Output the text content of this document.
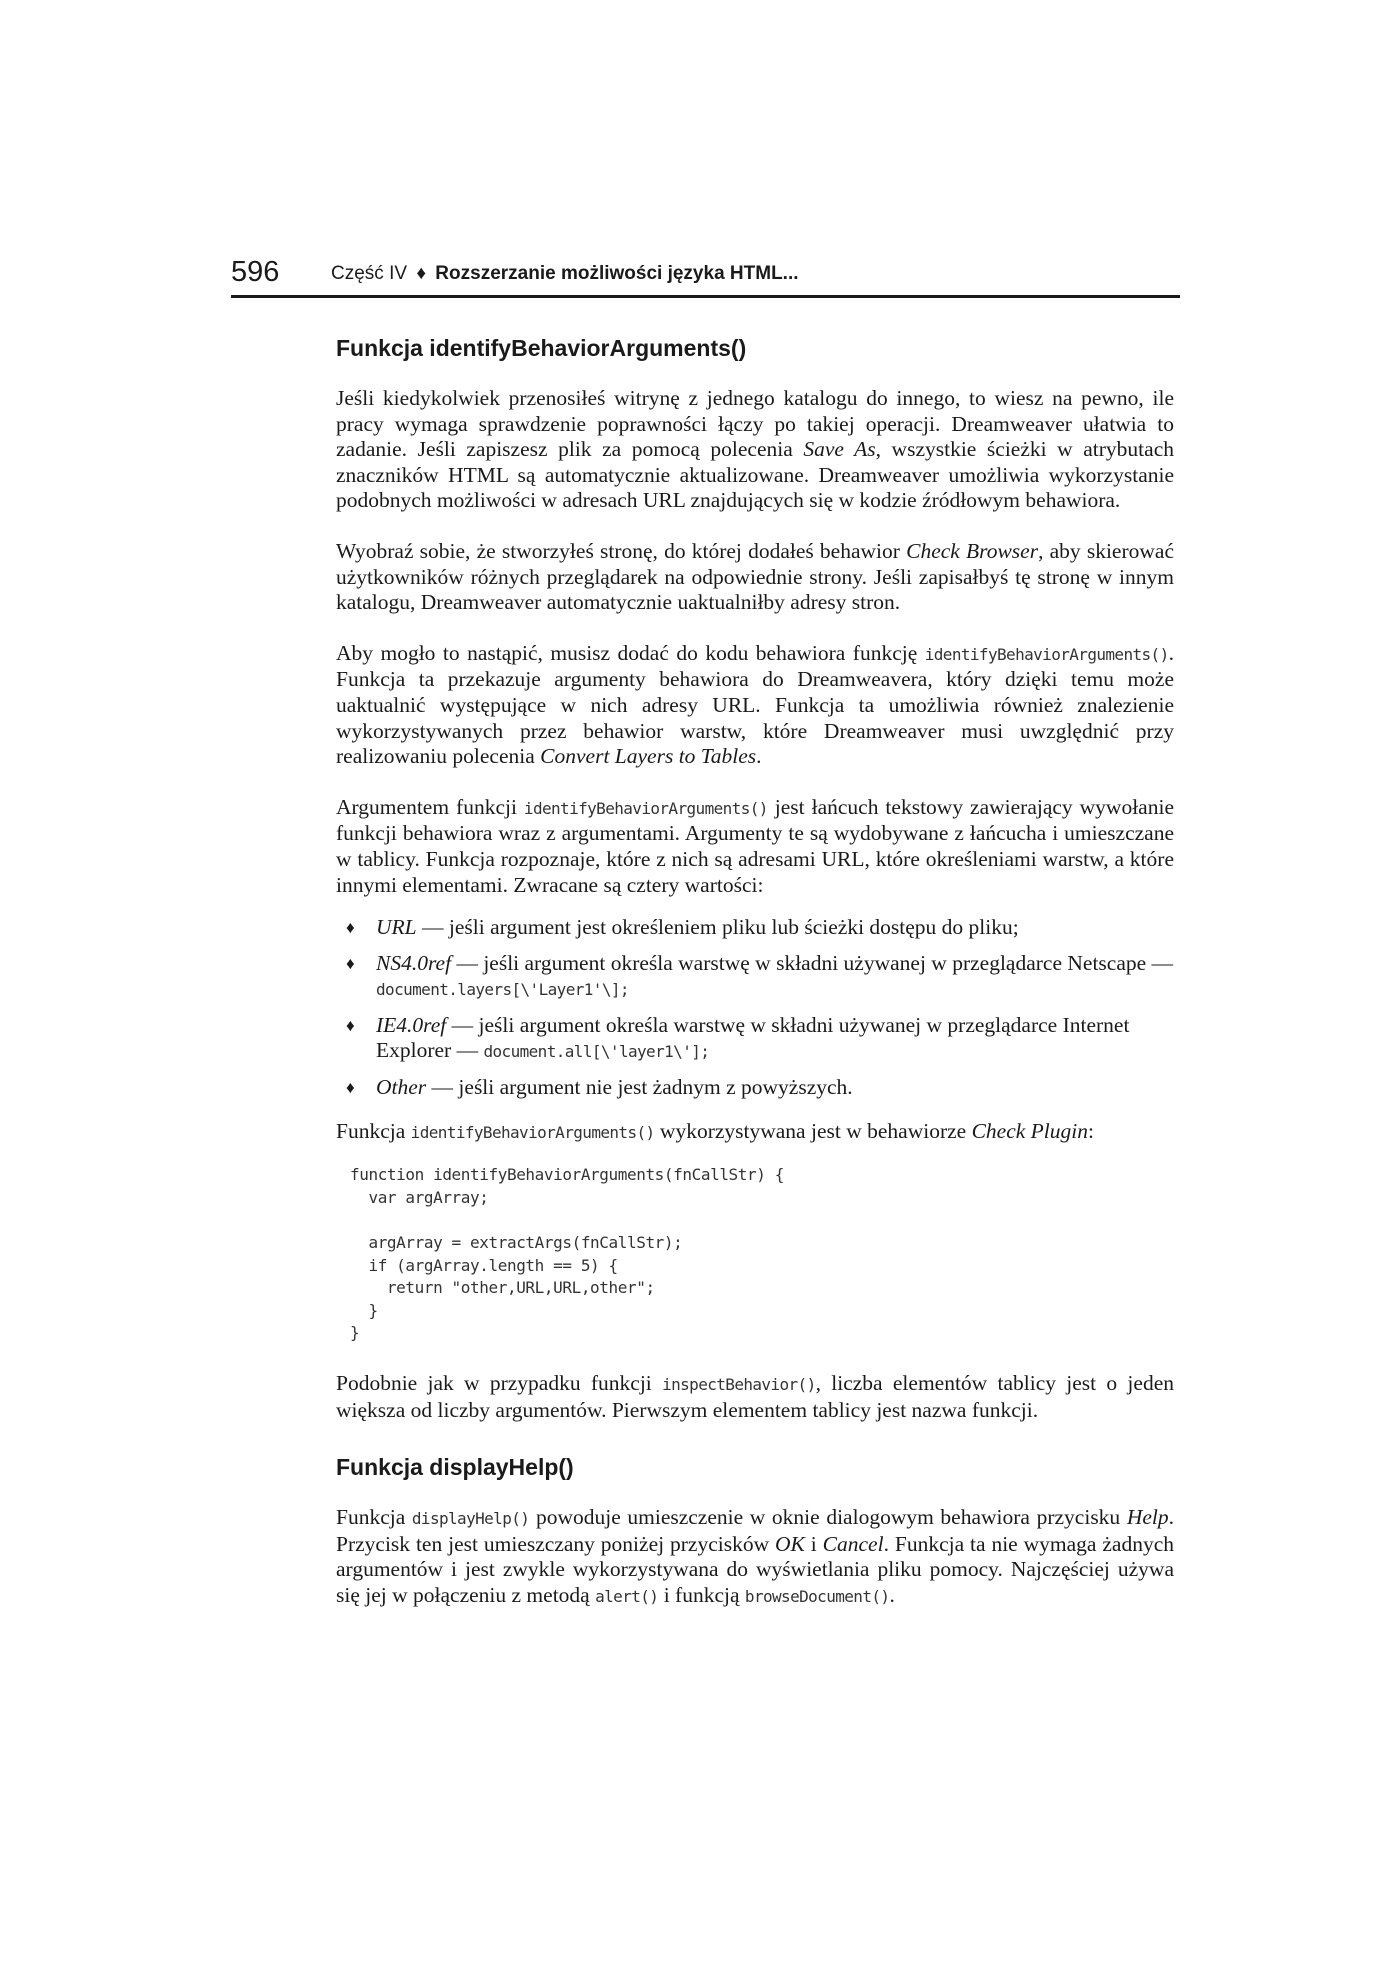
596	Część IV ♦ Rozszerzanie możliwości języka HTML...
Funkcja identifyBehaviorArguments()

Jeśli kiedykolwiek przenosiłeś witrynę z jednego katalogu do innego, to wiesz na pewno, ile pracy wymaga sprawdzenie poprawności łączy po takiej operacji. Dreamweaver ułatwia to zadanie. Jeśli zapiszesz plik za pomocą polecenia Save As, wszystkie ścieżki w atrybutach znaczników HTML są automatycznie aktualizowane. Dreamweaver umożliwia wykorzystanie podobnych możliwości w adresach URL znajdujących się w kodzie źródłowym behawiora.

Wyobraź sobie, że stworzyłeś stronę, do której dodałeś behawior Check Browser, aby skierować użytkowników różnych przeglądarek na odpowiednie strony. Jeśli zapisałbyś tę stronę w innym katalogu, Dreamweaver automatycznie uaktualniłby adresy stron.

Aby mogło to nastąpić, musisz dodać do kodu behawiora funkcję identifyBehaviorArguments(). Funkcja ta przekazuje argumenty behawiora do Dreamweavera, który dzięki temu może uaktualnić występujące w nich adresy URL. Funkcja ta umożliwia również znalezienie wykorzystywanych przez behawior warstw, które Dreamweaver musi uwzględnić przy realizowaniu polecenia Convert Layers to Tables.

Argumentem funkcji identifyBehaviorArguments() jest łańcuch tekstowy zawierający wywołanie funkcji behawiora wraz z argumentami. Argumenty te są wydobywane z łańcucha i umieszczane w tablicy. Funkcja rozpoznaje, które z nich są adresami URL, które określeniami warstw, a które innymi elementami. Zwracane są cztery wartości:

♦ URL — jeśli argument jest określeniem pliku lub ścieżki dostępu do pliku;
♦ NS4.0ref — jeśli argument określa warstwę w składni używanej w przeglądarce Netscape — document.layers[\'Layer1'\];
♦ IE4.0ref — jeśli argument określa warstwę w składni używanej w przeglądarce Internet Explorer — document.all[\'layer1\'];
♦ Other — jeśli argument nie jest żadnym z powyższych.

Funkcja identifyBehaviorArguments() wykorzystywana jest w behawiorze Check Plugin:

function identifyBehaviorArguments(fnCallStr) {
var argArray;

argArray = extractArgs(fnCallStr);
if (argArray.length == 5) {
return "other,URL,URL,other";
}
}

Podobnie jak w przypadku funkcji inspectBehavior(), liczba elementów tablicy jest o jeden większa od liczby argumentów. Pierwszym elementem tablicy jest nazwa funkcji.

Funkcja displayHelp()

Funkcja displayHelp() powoduje umieszczenie w oknie dialogowym behawiora przycisku Help. Przycisk ten jest umieszczany poniżej przycisków OK i Cancel. Funkcja ta nie wymaga żadnych argumentów i jest zwykle wykorzystywana do wyświetlania pliku pomocy. Najczęściej używa się jej w połączeniu z metodą alert() i funkcją browseDocument().
